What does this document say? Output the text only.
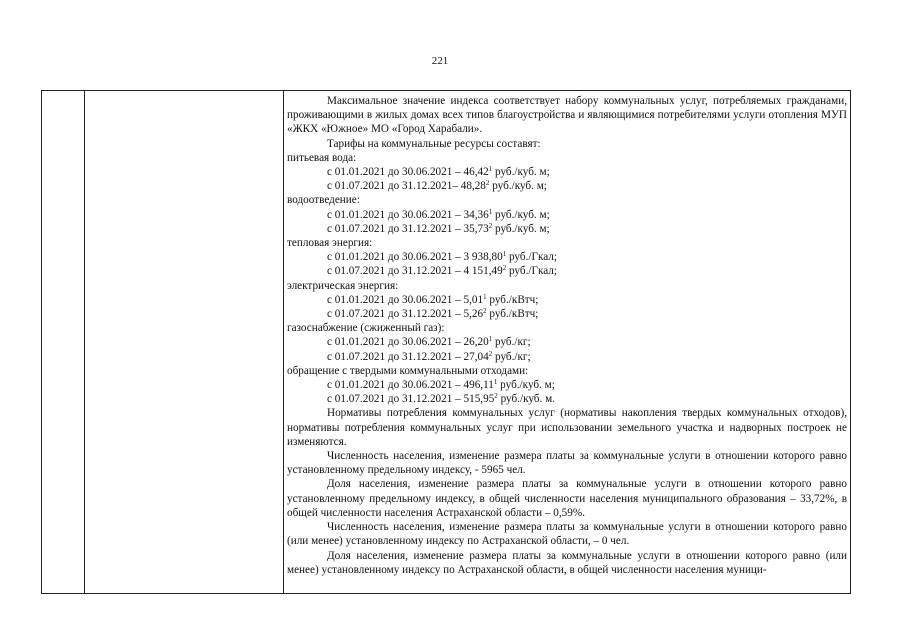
221

Максимальное значение индекса соответствует набору коммунальных услуг, потребляемых гражданами, проживающими в жилых домах всех типов благоустройства и являющимися потребителями услуги отопления МУП «ЖКХ «Южное» МО «Город Харабали».

Тарифы на коммунальные ресурсы составят:

питьевая вода:

с 01.01.2021 до 30.06.2021 – 46,42$^1$ руб./куб. м;

с 01.07.2021 до 31.12.2021– 48,28$^2$ руб./куб. м;

водоотведение:

с 01.01.2021 до 30.06.2021 – 34,36$^1$ руб./куб. м;

с 01.07.2021 до 31.12.2021 – 35,73$^2$ руб./куб. м;

тепловая энергия:

с 01.01.2021 до 30.06.2021 – 3 938,80$^1$ руб./Гкал;

с 01.07.2021 до 31.12.2021 – 4 151,49$^2$ руб./Гкал;

электрическая энергия:

с 01.01.2021 до 30.06.2021 – 5,01$^1$ руб./кВтч;

с 01.07.2021 до 31.12.2021 – 5,26$^2$ руб./кВтч;

газоснабжение (сжиженный газ):

с 01.01.2021 до 30.06.2021 – 26,20$^1$ руб./кг;

с 01.07.2021 до 31.12.2021 – 27,04$^2$ руб./кг;

обращение с твердыми коммунальными отходами:

с 01.01.2021 до 30.06.2021 – 496,11$^1$ руб./куб. м;

с 01.07.2021 до 31.12.2021 – 515,95$^2$ руб./куб. м.

Нормативы потребления коммунальных услуг (нормативы накопления твердых коммунальных отходов), нормативы потребления коммунальных услуг при использовании земельного участка и надворных построек не изменяются.

Численность населения, изменение размера платы за коммунальные услуги в отношении которого равно установленному предельному индексу, - 5965 чел.

Доля населения, изменение размера платы за коммунальные услуги в отношении которого равно установленному предельному индексу, в общей численности населения муниципального образования – 33,72%, в общей численности населения Астраханской области – 0,59%.

Численность населения, изменение размера платы за коммунальные услуги в отношении которого равно (или менее) установленному индексу по Астраханской области, – 0 чел.

Доля населения, изменение размера платы за коммунальные услуги в отношении которого равно (или менее) установленному индексу по Астраханской области, в общей численности населения муници-
